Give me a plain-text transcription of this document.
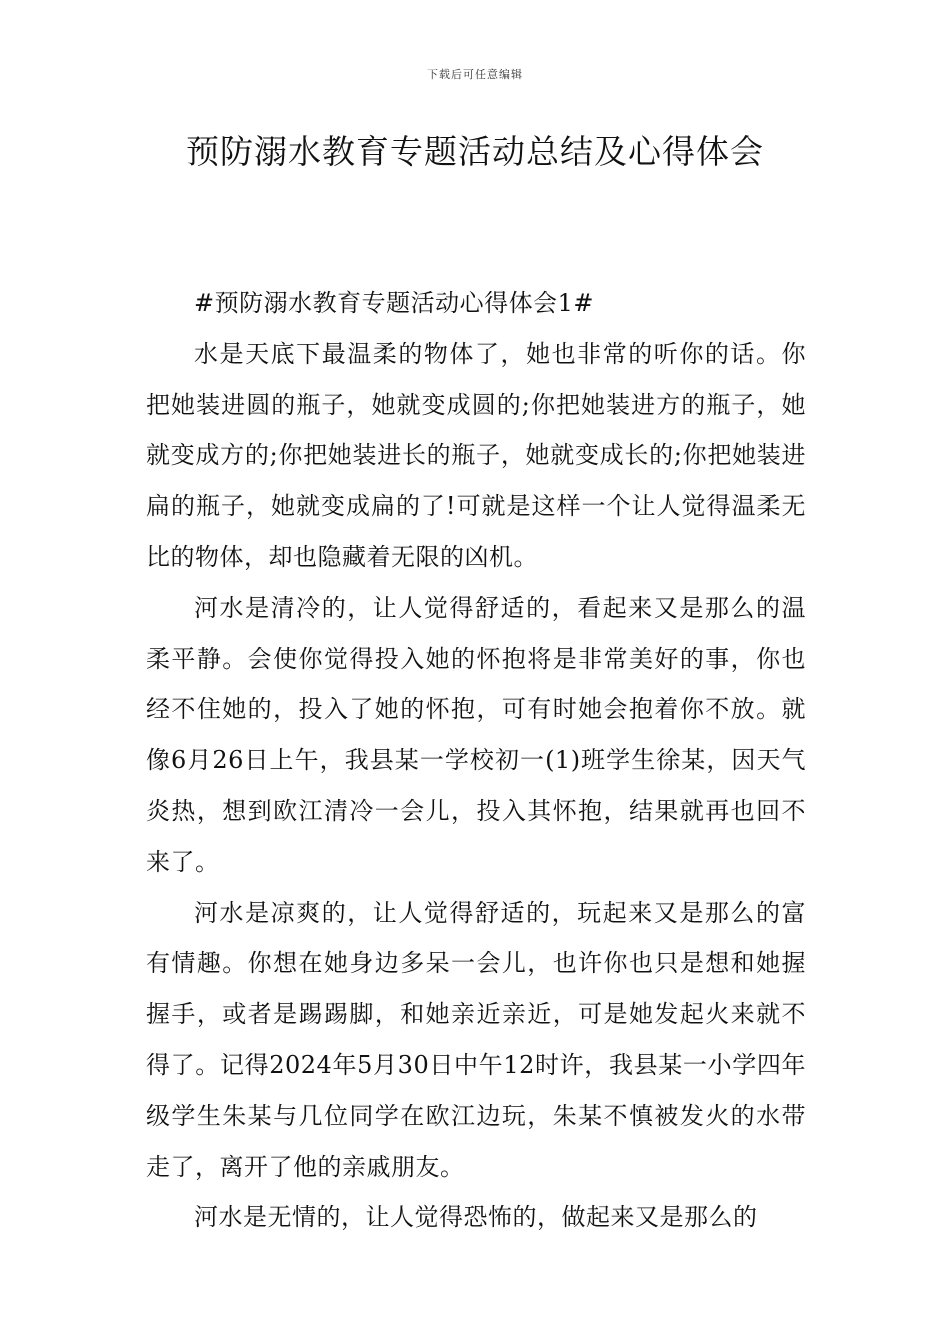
下载后可任意编辑
预防溺水教育专题活动总结及心得体会

#预防溺水教育专题活动心得体会1#

水是天底下最温柔的物体了，她也非常的听你的话。你把她装进圆的瓶子，她就变成圆的;你把她装进方的瓶子，她就变成方的;你把她装进长的瓶子，她就变成长的;你把她装进扁的瓶子，她就变成扁的了!可就是这样一个让人觉得温柔无比的物体，却也隐藏着无限的凶机。

河水是清冷的，让人觉得舒适的，看起来又是那么的温柔平静。会使你觉得投入她的怀抱将是非常美好的事，你也经不住她的，投入了她的怀抱，可有时她会抱着你不放。就像6月26日上午，我县某一学校初一(1)班学生徐某，因天气炎热，想到欧江清冷一会儿，投入其怀抱，结果就再也回不来了。

河水是凉爽的，让人觉得舒适的，玩起来又是那么的富有情趣。你想在她身边多呆一会儿，也许你也只是想和她握握手，或者是踢踢脚，和她亲近亲近，可是她发起火来就不得了。记得2024年5月30日中午12时许，我县某一小学四年级学生朱某与几位同学在欧江边玩，朱某不慎被发火的水带走了，离开了他的亲戚朋友。

河水是无情的，让人觉得恐怖的，做起来又是那么的
